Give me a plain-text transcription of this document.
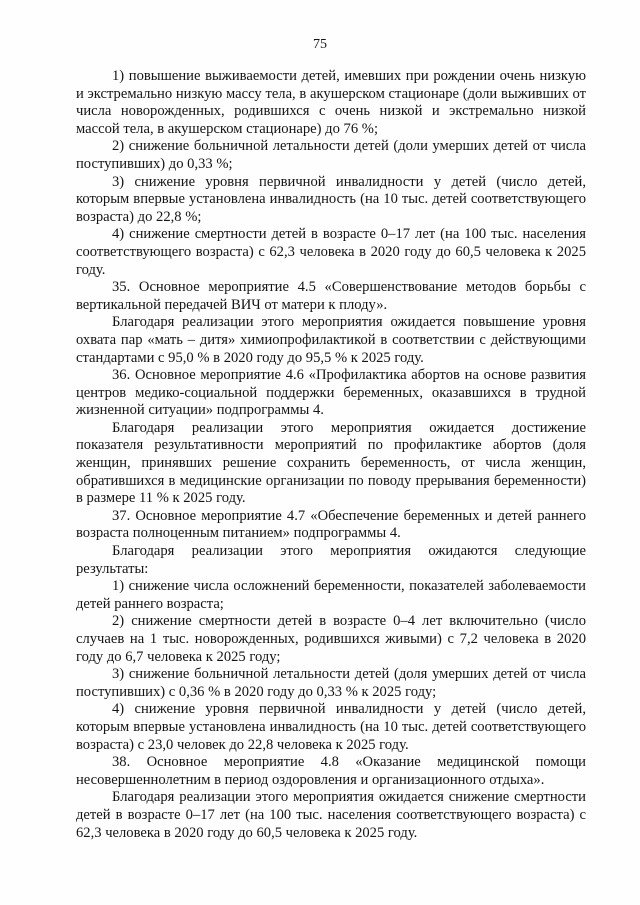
75

1) повышение выживаемости детей, имевших при рождении очень низкую и экстремально низкую массу тела, в акушерском стационаре (доли выживших от числа новорожденных, родившихся с очень низкой и экстремально низкой массой тела, в акушерском стационаре) до 76 %;

2) снижение больничной летальности детей (доли умерших детей от числа поступивших) до 0,33 %;

3) снижение уровня первичной инвалидности у детей (число детей, которым впервые установлена инвалидность (на 10 тыс. детей соответствующего возраста) до 22,8 %;

4) снижение смертности детей в возрасте 0–17 лет (на 100 тыс. населения соответствующего возраста) с 62,3 человека в 2020 году до 60,5 человека к 2025 году.

35. Основное мероприятие 4.5 «Совершенствование методов борьбы с вертикальной передачей ВИЧ от матери к плоду».

Благодаря реализации этого мероприятия ожидается повышение уровня охвата пар «мать – дитя» химиопрофилактикой в соответствии с действующими стандартами с 95,0 % в 2020 году до 95,5 % к 2025 году.

36. Основное мероприятие 4.6 «Профилактика абортов на основе развития центров медико-социальной поддержки беременных, оказавшихся в трудной жизненной ситуации» подпрограммы 4.

Благодаря реализации этого мероприятия ожидается достижение показателя результативности мероприятий по профилактике абортов (доля женщин, принявших решение сохранить беременность, от числа женщин, обратившихся в медицинские организации по поводу прерывания беременности) в размере 11 % к 2025 году.

37. Основное мероприятие 4.7 «Обеспечение беременных и детей раннего возраста полноценным питанием» подпрограммы 4.

Благодаря реализации этого мероприятия ожидаются следующие результаты:

1) снижение числа осложнений беременности, показателей заболеваемости детей раннего возраста;

2) снижение смертности детей в возрасте 0–4 лет включительно (число случаев на 1 тыс. новорожденных, родившихся живыми) с 7,2 человека в 2020 году до 6,7 человека к 2025 году;

3) снижение больничной летальности детей (доля умерших детей от числа поступивших) с 0,36 % в 2020 году до 0,33 % к 2025 году;

4) снижение уровня первичной инвалидности у детей (число детей, которым впервые установлена инвалидность (на 10 тыс. детей соответствующего возраста) с 23,0 человек до 22,8 человека к 2025 году.

38. Основное мероприятие 4.8 «Оказание медицинской помощи несовершеннолетним в период оздоровления и организационного отдыха».

Благодаря реализации этого мероприятия ожидается снижение смертности детей в возрасте 0–17 лет (на 100 тыс. населения соответствующего возраста) с 62,3 человека в 2020 году до 60,5 человека к 2025 году.
